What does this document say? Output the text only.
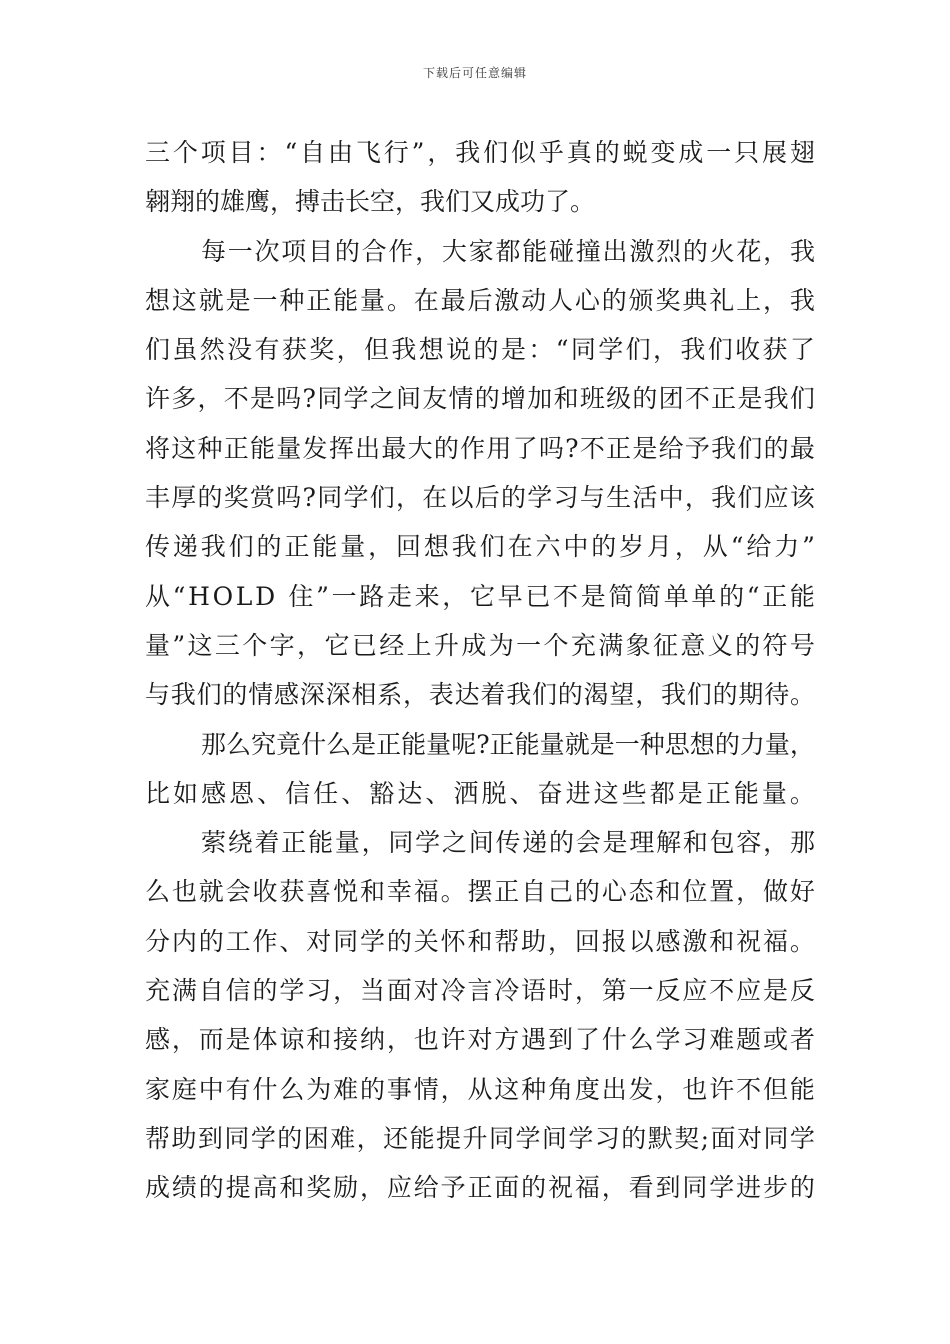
下载后可任意编辑
三个项目：“自由飞行”，我们似乎真的蜕变成一只展翅
翱翔的雄鹰，搏击长空，我们又成功了。
每一次项目的合作，大家都能碰撞出激烈的火花，我
想这就是一种正能量。在最后激动人心的颁奖典礼上，我
们虽然没有获奖，但我想说的是：“同学们，我们收获了
许多，不是吗?同学之间友情的增加和班级的团不正是我们
将这种正能量发挥出最大的作用了吗?不正是给予我们的最
丰厚的奖赏吗?同学们，在以后的学习与生活中，我们应该
传递我们的正能量，回想我们在六中的岁月，从“给力”
从“HOLD 住”一路走来，它早已不是简简单单的“正能
量”这三个字，它已经上升成为一个充满象征意义的符号
与我们的情感深深相系，表达着我们的渴望，我们的期待。
那么究竟什么是正能量呢?正能量就是一种思想的力量，
比如感恩、信任、豁达、洒脱、奋进这些都是正能量。
萦绕着正能量，同学之间传递的会是理解和包容，那
么也就会收获喜悦和幸福。摆正自己的心态和位置，做好
分内的工作、对同学的关怀和帮助，回报以感激和祝福。
充满自信的学习，当面对冷言冷语时，第一反应不应是反
感，而是体谅和接纳，也许对方遇到了什么学习难题或者
家庭中有什么为难的事情，从这种角度出发，也许不但能
帮助到同学的困难，还能提升同学间学习的默契;面对同学
成绩的提高和奖励，应给予正面的祝福，看到同学进步的
